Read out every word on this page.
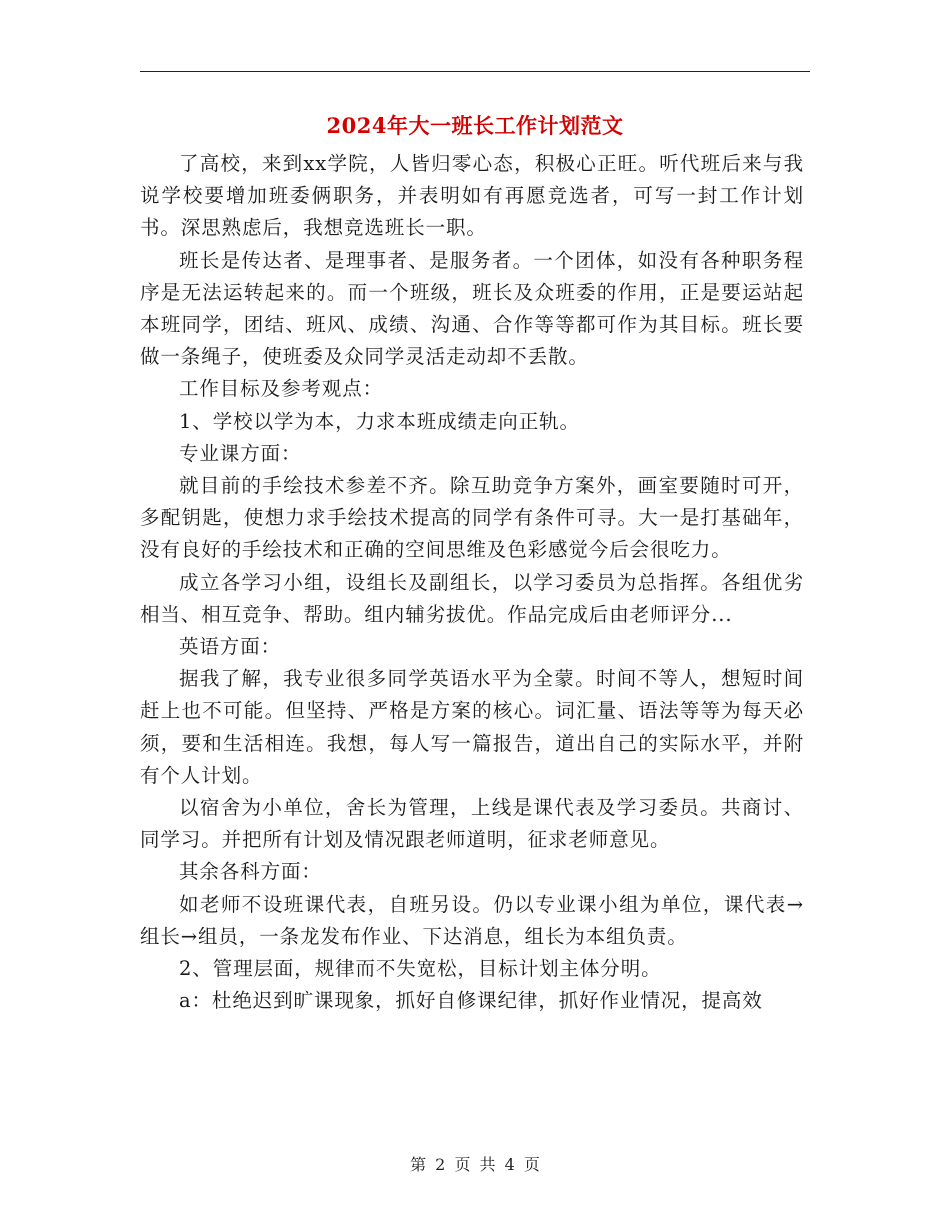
2024年大一班长工作计划范文

了高校，来到xx学院，人皆归零心态，积极心正旺。听代班后来与我说学校要增加班委俩职务，并表明如有再愿竞选者，可写一封工作计划书。深思熟虑后，我想竞选班长一职。

班长是传达者、是理事者、是服务者。一个团体，如没有各种职务程序是无法运转起来的。而一个班级，班长及众班委的作用，正是要运站起本班同学，团结、班风、成绩、沟通、合作等等都可作为其目标。班长要做一条绳子，使班委及众同学灵活走动却不丢散。

工作目标及参考观点：

1、学校以学为本，力求本班成绩走向正轨。

专业课方面：

就目前的手绘技术参差不齐。除互助竞争方案外，画室要随时可开，多配钥匙，使想力求手绘技术提高的同学有条件可寻。大一是打基础年，没有良好的手绘技术和正确的空间思维及色彩感觉今后会很吃力。

成立各学习小组，设组长及副组长，以学习委员为总指挥。各组优劣相当、相互竞争、帮助。组内辅劣拔优。作品完成后由老师评分...

英语方面：

据我了解，我专业很多同学英语水平为全蒙。时间不等人，想短时间赶上也不可能。但坚持、严格是方案的核心。词汇量、语法等等为每天必须，要和生活相连。我想，每人写一篇报告，道出自己的实际水平，并附有个人计划。

以宿舍为小单位，舍长为管理，上线是课代表及学习委员。共商讨、同学习。并把所有计划及情况跟老师道明，征求老师意见。

其余各科方面：

如老师不设班课代表，自班另设。仍以专业课小组为单位，课代表→组长→组员，一条龙发布作业、下达消息，组长为本组负责。

2、管理层面，规律而不失宽松，目标计划主体分明。

a：杜绝迟到旷课现象，抓好自修课纪律，抓好作业情况，提高效

第 2 页 共 4 页
